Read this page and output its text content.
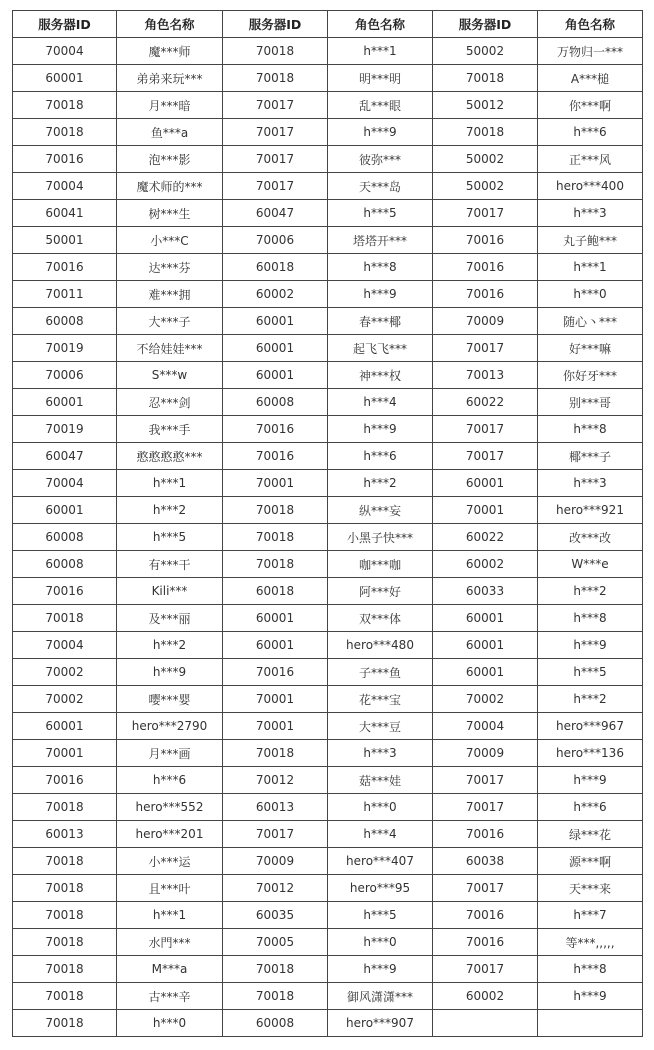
服务器ID	角色名称	服务器ID	角色名称	服务器ID	角色名称
70004	魔***师	70018	h***1	50002	万物归一***
60001	弟弟来玩***	70018	明***明	70018	A***槌
70018	月***暗	70017	乱***眼	50012	你***啊
70018	鱼***a	70017	h***9	70018	h***6
70016	泡***影	70017	彼弥***	50002	正***风
70004	魔术师的***	70017	天***岛	50002	hero***400
60041	树***生	60047	h***5	70017	h***3
50001	小***C	70006	塔塔开***	70016	丸子鲍***
70016	达***芬	60018	h***8	70016	h***1
70011	难***拥	60002	h***9	70016	h***0
60008	大***子	60001	春***椰	70009	随心丶***
70019	不给娃娃***	60001	起飞飞***	70017	好***嘛
70006	S***w	60001	神***权	70013	你好牙***
60001	忍***剑	60008	h***4	60022	别***哥
70019	我***手	70016	h***9	70017	h***8
60047	憨憨憨憨***	70016	h***6	70017	椰***子
70004	h***1	70001	h***2	60001	h***3
60001	h***2	70018	纵***妄	70001	hero***921
60008	h***5	70018	小黑子快***	60022	改***改
60008	有***干	70018	咖***咖	60002	W***e
70016	Kili***	60018	阿***好	60033	h***2
70018	及***丽	60001	双***体	60001	h***8
70004	h***2	60001	hero***480	60001	h***9
70002	h***9	70016	子***鱼	60001	h***5
70002	嘤***婴	70001	花***宝	70002	h***2
60001	hero***2790	70001	大***豆	70004	hero***967
70001	月***画	70018	h***3	70009	hero***136
70016	h***6	70012	菇***娃	70017	h***9
70018	hero***552	60013	h***0	70017	h***6
60013	hero***201	70017	h***4	70016	绿***花
70018	小***运	70009	hero***407	60038	源***啊
70018	且***叶	70012	hero***95	70017	天***来
70018	h***1	60035	h***5	70016	h***7
70018	水門***	70005	h***0	70016	等***,,,,,
70018	M***a	70018	h***9	70017	h***8
70018	古***辛	70018	御风潇潇***	60002	h***9
70018	h***0	60008	hero***907		
